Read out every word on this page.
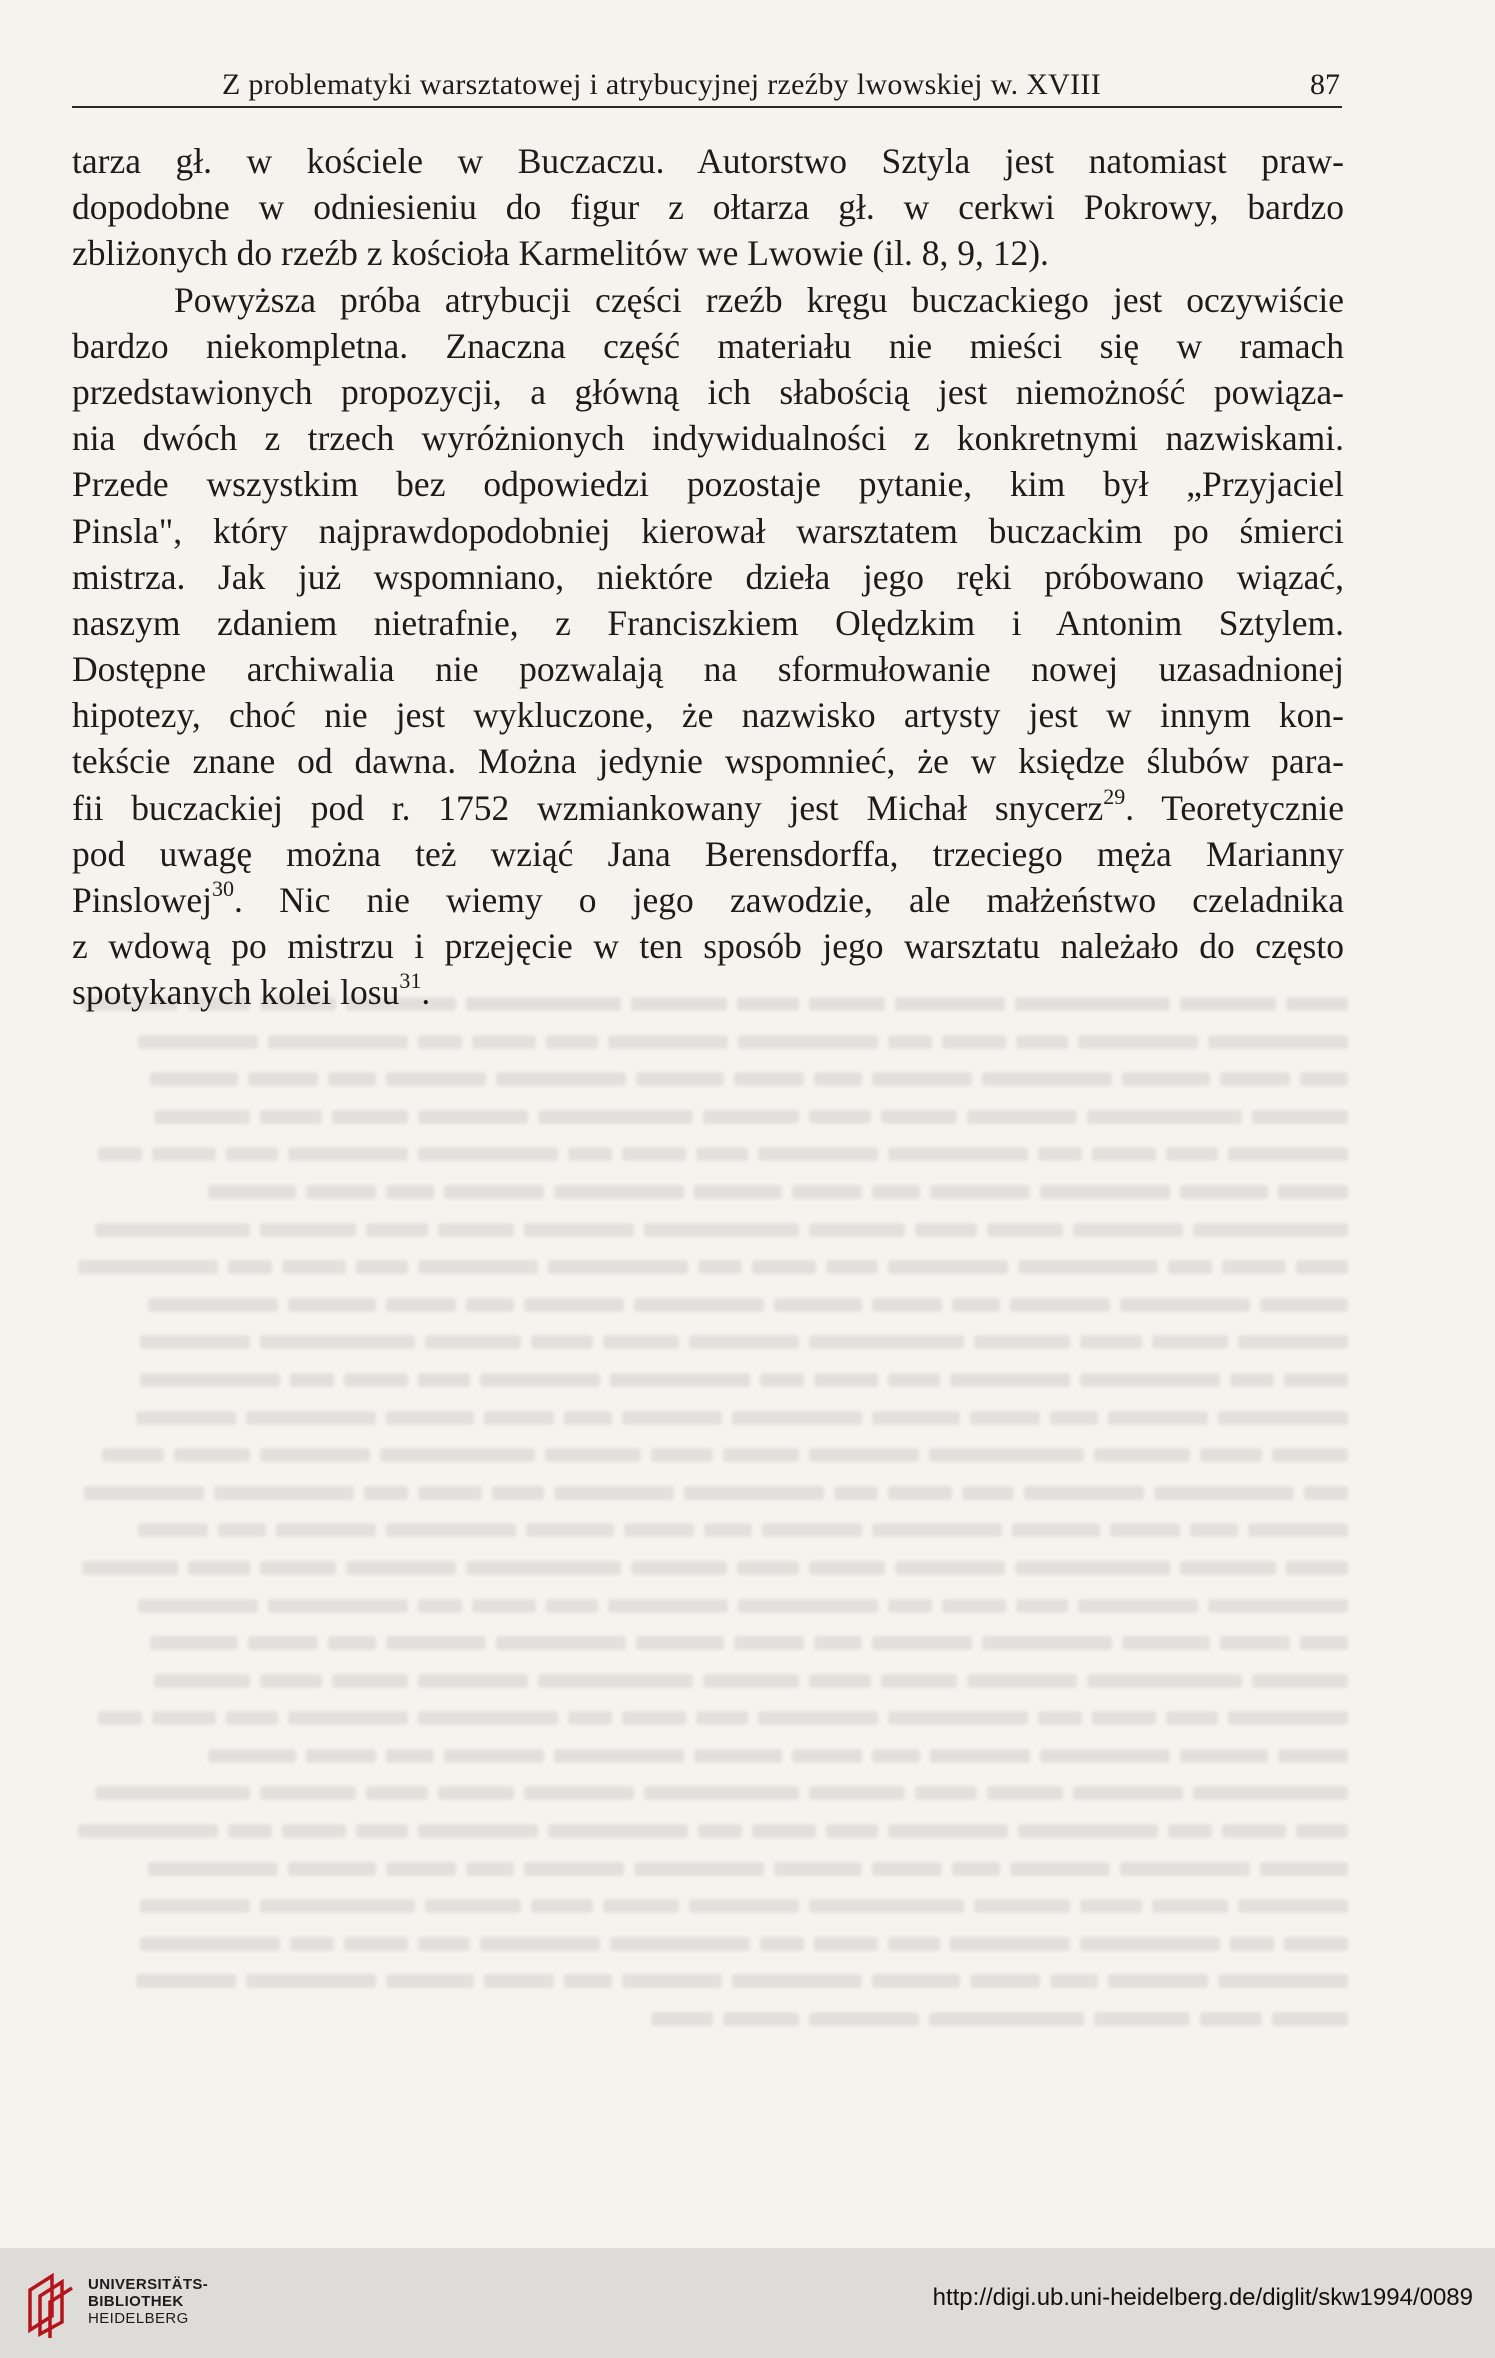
Z problematyki warsztatowej i atrybucyjnej rzeźby lwowskiej w. XVIII	87
tarza gł. w kościele w Buczaczu. Autorstwo Sztyla jest natomiast praw-
dopodobne w odniesieniu do figur z ołtarza gł. w cerkwi Pokrowy, bardzo
zbliżonych do rzeźb z kościoła Karmelitów we Lwowie (il. 8, 9, 12).
Powyższa próba atrybucji części rzeźb kręgu buczackiego jest oczywiście
bardzo niekompletna. Znaczna część materiału nie mieści się w ramach
przedstawionych propozycji, a główną ich słabością jest niemożność powiąza-
nia dwóch z trzech wyróżnionych indywidualności z konkretnymi nazwiskami.
Przede wszystkim bez odpowiedzi pozostaje pytanie, kim był „Przyjaciel
Pinsla", który najprawdopodobniej kierował warsztatem buczackim po śmierci
mistrza. Jak już wspomniano, niektóre dzieła jego ręki próbowano wiązać,
naszym zdaniem nietrafnie, z Franciszkiem Olędzkim i Antonim Sztylem.
Dostępne archiwalia nie pozwalają na sformułowanie nowej uzasadnionej
hipotezy, choć nie jest wykluczone, że nazwisko artysty jest w innym kon-
tekście znane od dawna. Można jedynie wspomnieć, że w księdze ślubów para-
fii buczackiej pod r. 1752 wzmiankowany jest Michał snycerz$^{29}$. Teoretycznie
pod uwagę można też wziąć Jana Berensdorffa, trzeciego męża Marianny
Pinslowej$^{30}$. Nic nie wiemy o jego zawodzie, ale małżeństwo czeladnika
z wdową po mistrzu i przejęcie w ten sposób jego warsztatu należało do często
spotykanych kolei losu$^{31}$.
UNIVERSITÄTS-
BIBLIOTHEK
HEIDELBERG
http://digi.ub.uni-heidelberg.de/diglit/skw1994/0089
